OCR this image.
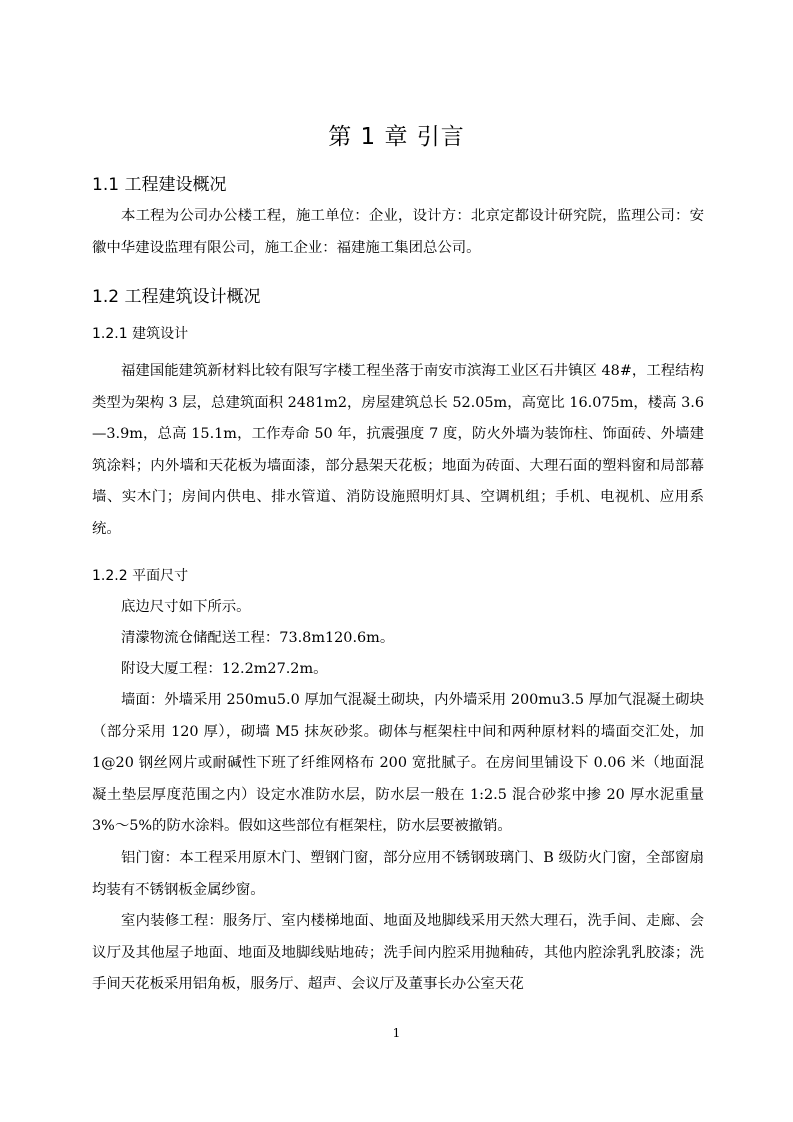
第 1 章 引言
1.1 工程建设概况

本工程为公司办公楼工程，施工单位：企业，设计方：北京定都设计研究院，监理公司：安徽中华建设监理有限公司，施工企业：福建施工集团总公司。

1.2 工程建筑设计概况
1.2.1 建筑设计

福建国能建筑新材料比较有限写字楼工程坐落于南安市滨海工业区石井镇区 48#，工程结构类型为架构 3 层，总建筑面积 2481m2，房屋建筑总长 52.05m，高宽比 16.075m，楼高 3.6—3.9m，总高 15.1m，工作寿命 50 年，抗震强度 7 度，防火外墙为装饰柱、饰面砖、外墙建筑涂料；内外墙和天花板为墙面漆，部分悬架天花板；地面为砖面、大理石面的塑料窗和局部幕墙、实木门；房间内供电、排水管道、消防设施照明灯具、空调机组；手机、电视机、应用系统。

1.2.2 平面尺寸

底边尺寸如下所示。

清濛物流仓储配送工程：73.8m120.6m。

附设大厦工程：12.2m27.2m。

墙面：外墙采用 250mu5.0 厚加气混凝土砌块，内外墙采用 200mu3.5 厚加气混凝土砌块（部分采用 120 厚），砌墙 M5 抹灰砂浆。砌体与框架柱中间和两种原材料的墙面交汇处，加 1@20 钢丝网片或耐碱性下班了纤维网格布 200 宽批腻子。在房间里铺设下 0.06 米（地面混凝土垫层厚度范围之内）设定水准防水层，防水层一般在 1:2.5 混合砂浆中掺 20 厚水泥重量 3%～5%的防水涂料。假如这些部位有框架柱，防水层要被撤销。

铝门窗：本工程采用原木门、塑钢门窗，部分应用不锈钢玻璃门、B 级防火门窗，全部窗扇均装有不锈钢板金属纱窗。

室内装修工程：服务厅、室内楼梯地面、地面及地脚线采用天然大理石，洗手间、走廊、会议厅及其他屋子地面、地面及地脚线贴地砖；洗手间内腔采用抛釉砖，其他内腔涂乳乳胶漆；洗手间天花板采用铝角板，服务厅、超声、会议厅及董事长办公室天花

1
